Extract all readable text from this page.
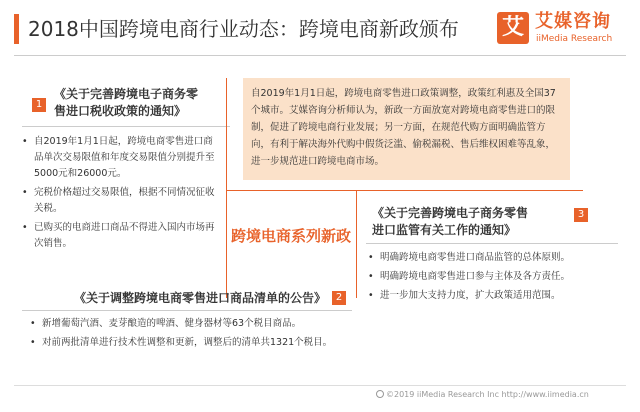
2018中国跨境电商行业动态：跨境电商新政颁布 艾 艾媒咨询
iiMedia Research
1
《关于完善跨境电子商务零
售进口税收政策的通知》
• 自2019年1月1日起，跨境电商零售进口商品单次交易限值和年度交易限值分别提升至5000元和26000元。
• 完税价格超过交易限值，根据不同情况征收关税。
• 已购买的电商进口商品不得进入国内市场再次销售。
自2019年1月1日起，跨境电商零售进口政策调整，政策红利惠及全国37个城市。艾媒咨询分析师认为，新政一方面放宽对跨境电商零售进口的限制，促进了跨境电商行业发展；另一方面，在规范代购方面明确监管方向，有利于解决海外代购中假货泛滥、偷税漏税、售后维权困难等乱象，进一步规范进口跨境电商市场。
跨境电商系列新政
《关于完善跨境电子商务零售
进口监管有关工作的通知》
3
• 明确跨境电商零售进口商品监管的总体原则。
• 明确跨境电商零售进口参与主体及各方责任。
• 进一步加大支持力度，扩大政策适用范围。
《关于调整跨境电商零售进口商品清单的公告》 2
• 新增葡萄汽酒、麦芽酿造的啤酒、健身器材等63个税目商品。
• 对前两批清单进行技术性调整和更新，调整后的清单共1321个税目。
©2019 iiMedia Research Inc http://www.iimedia.cn
